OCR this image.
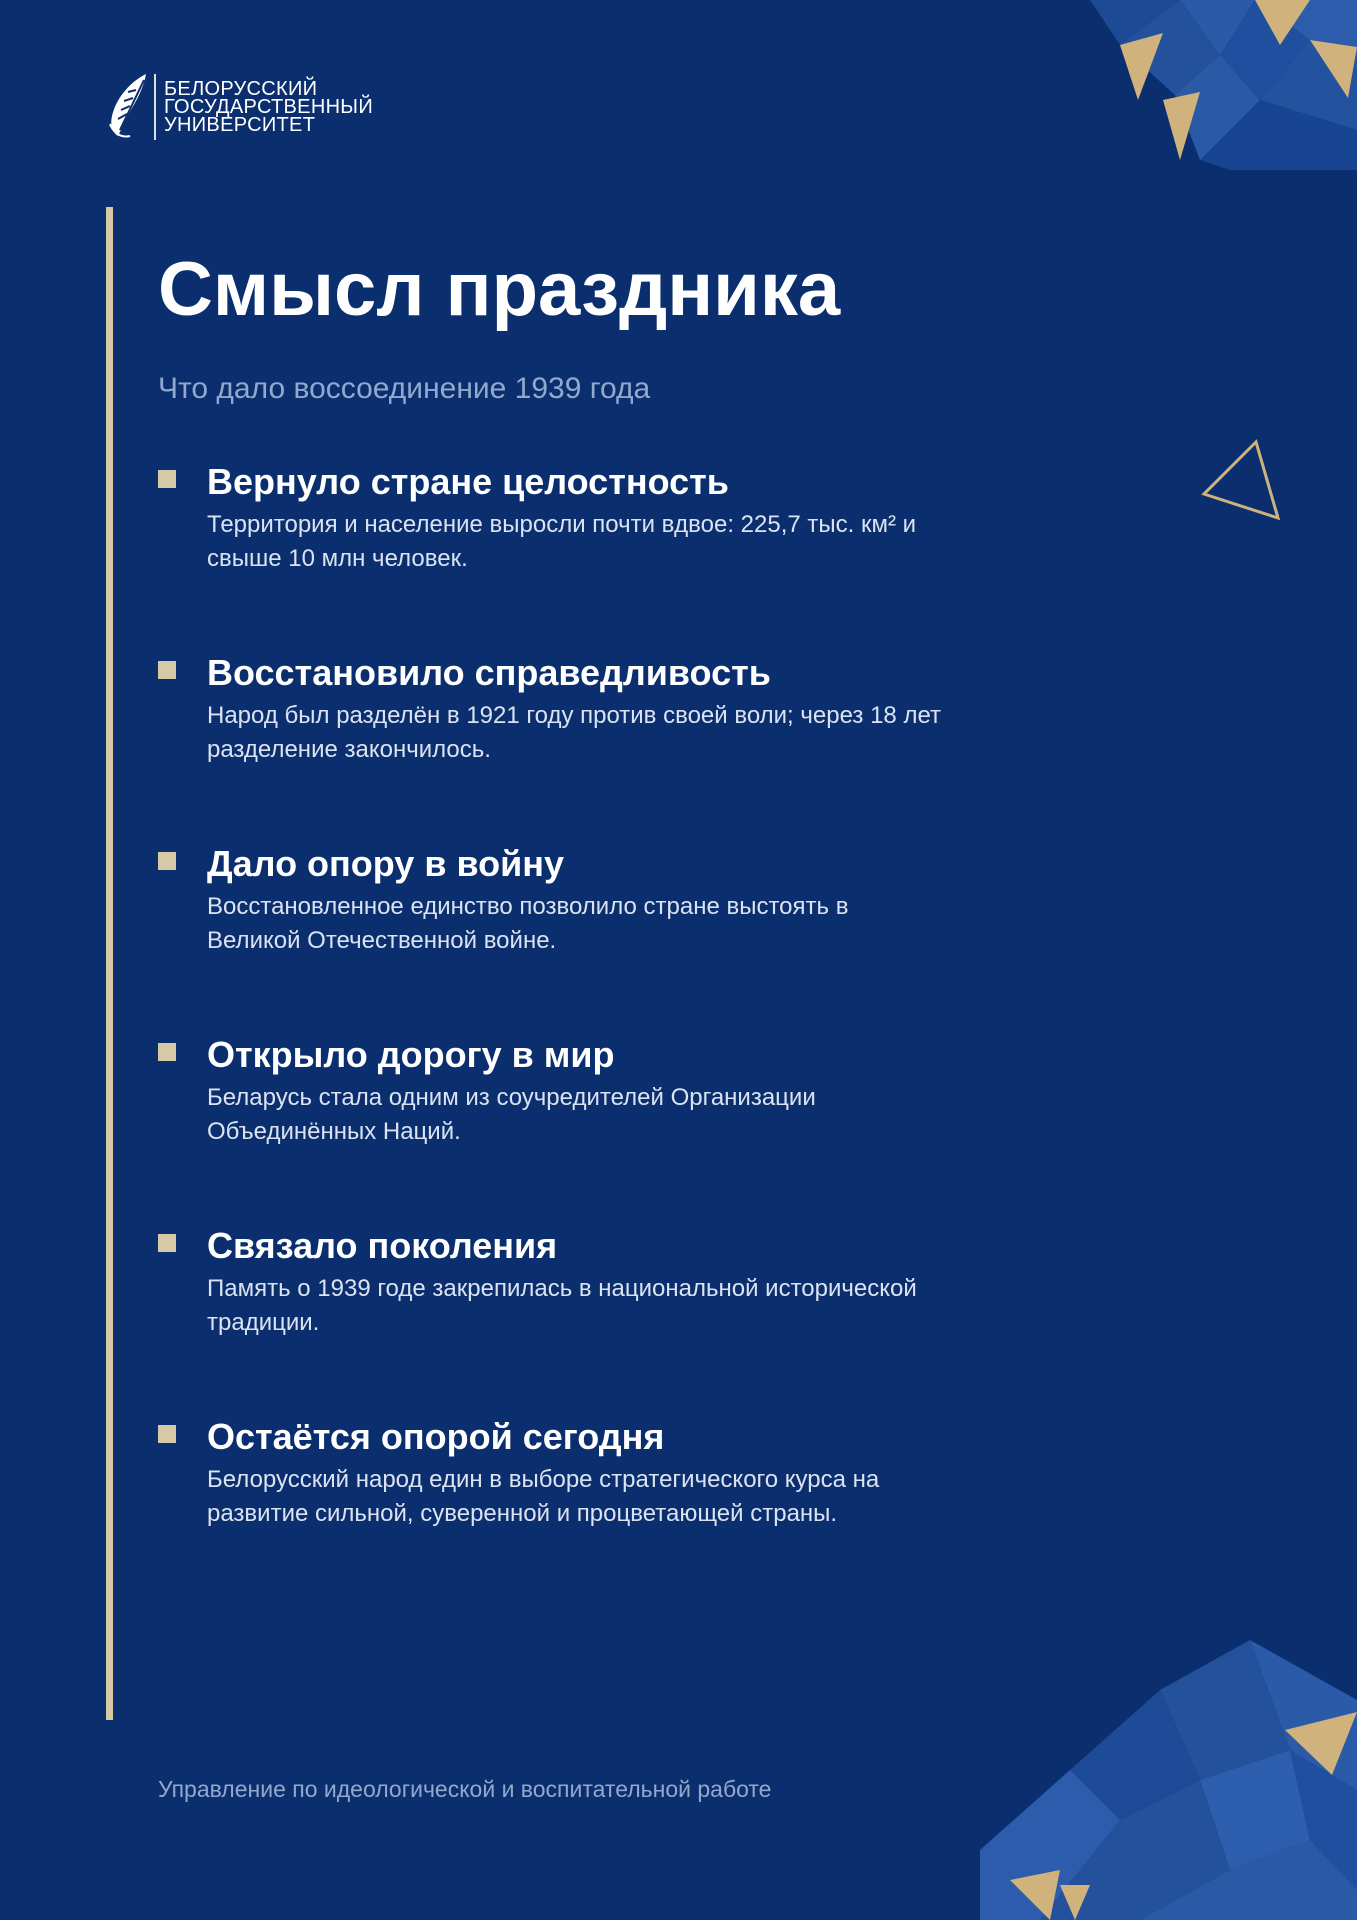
БЕЛОРУССКИЙ
ГОСУДАРСТВЕННЫЙ
УНИВЕРСИТЕТ
Смысл праздника
Что дало воссоединение 1939 года
Вернуло стране целостность
Территория и население выросли почти вдвое: 225,7 тыс. км² и свыше 10 млн человек.
Восстановило справедливость
Народ был разделён в 1921 году против своей воли; через 18 лет разделение закончилось.
Дало опору в войну
Восстановленное единство позволило стране выстоять в Великой Отечественной войне.
Открыло дорогу в мир
Беларусь стала одним из соучредителей Организации Объединённых Наций.
Связало поколения
Память о 1939 годе закрепилась в национальной исторической традиции.
Остаётся опорой сегодня
Белорусский народ един в выборе стратегического курса на развитие сильной, суверенной и процветающей страны.
Управление по идеологической и воспитательной работе
